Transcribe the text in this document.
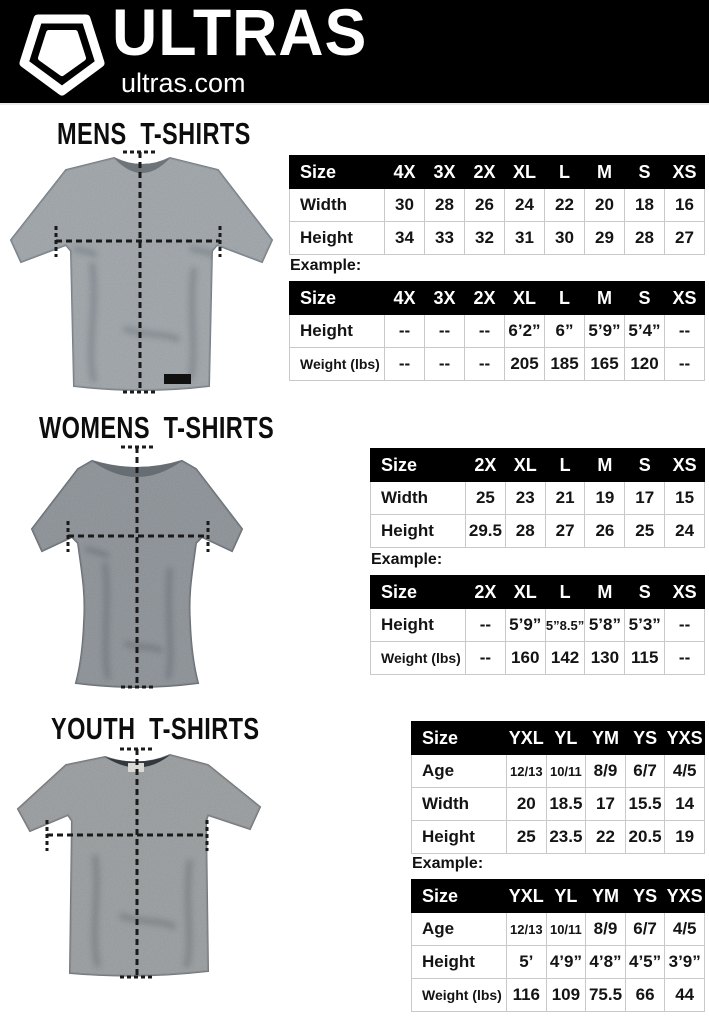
ULTRAS
ultras.com
MENS T-SHIRTS
Size	4X	3X	2X	XL	L	M	S	XS
Width	30	28	26	24	22	20	18	16
Height	34	33	32	31	30	29	28	27
Example:
Size	4X	3X	2X	XL	L	M	S	XS
Height	--	--	--	6’2”	6”	5’9”	5’4”	--
Weight (lbs)	--	--	--	205	185	165	120	--
WOMENS T-SHIRTS
Size	2X	XL	L	M	S	XS
Width	25	23	21	19	17	15
Height	29.5	28	27	26	25	24
Example:
Size	2X	XL	L	M	S	XS
Height	--	5’9”	5”8.5”	5’8”	5’3”	--
Weight (lbs)	--	160	142	130	115	--
YOUTH T-SHIRTS	Size	YXL	YL	YM	YS	YXS
Age	12/13	10/11	8/9	6/7	4/5
Width	20	18.5	17	15.5	14
Height	25	23.5	22	20.5	19
Example:
Size	YXL	YL	YM	YS	YXS
Age	12/13	10/11	8/9	6/7	4/5
Height	5’	4’9”	4’8”	4’5”	3’9”
Weight (lbs)	116	109	75.5	66	44
